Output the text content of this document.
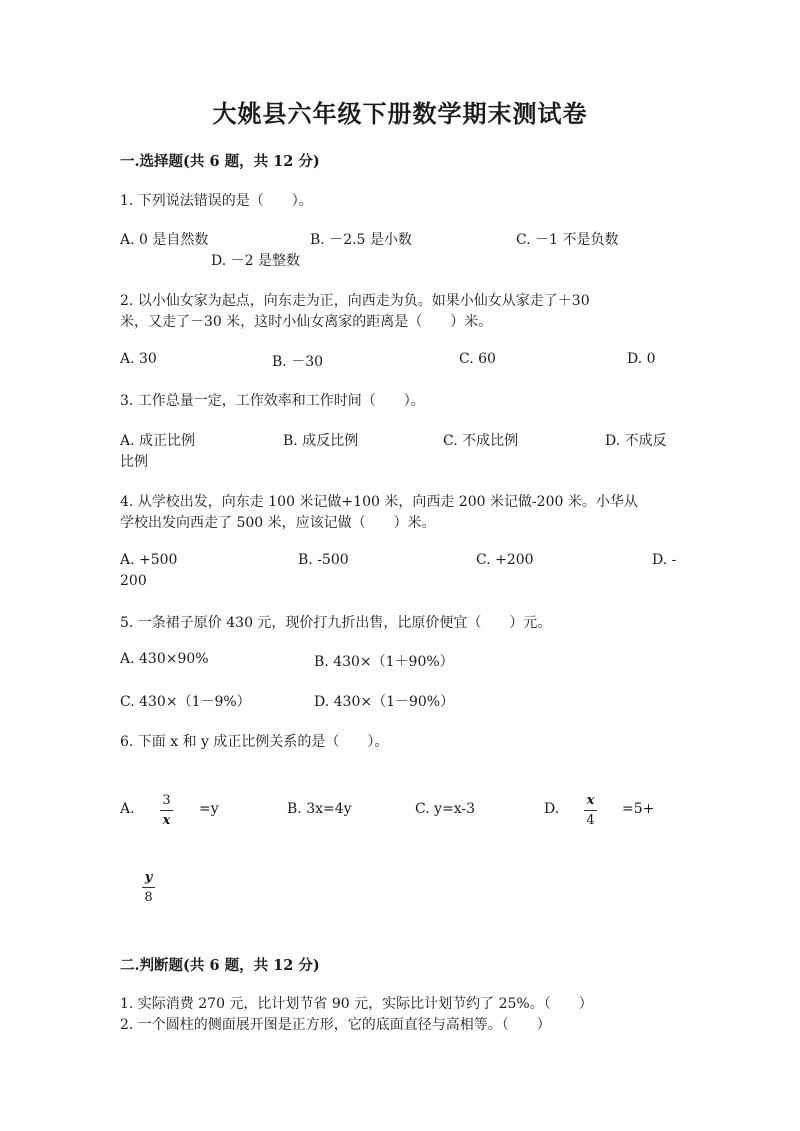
大姚县六年级下册数学期末测试卷
一.选择题(共 6 题，共 12 分)
1. 下列说法错误的是（　　）。
A. 0 是自然数	B. －2.5 是小数	C. －1 不是负数
D. －2 是整数
2. 以小仙女家为起点，向东走为正，向西走为负。如果小仙女从家走了＋30
米，又走了－30 米，这时小仙女离家的距离是（　　）米。
A. 30	B. －30	C. 60	D. 0
3. 工作总量一定，工作效率和工作时间（　　）。
A. 成正比例	B. 成反比例	C. 不成比例	D. 不成反
比例
4. 从学校出发，向东走 100 米记做+100 米，向西走 200 米记做-200 米。小华从
学校出发向西走了 500 米，应该记做（　　）米。
A. +500	B. -500	C. +200	D. -
200
5. 一条裙子原价 430 元，现价打九折出售，比原价便宜（　　）元。
A. 430×90%	B. 430×（1＋90%）
C. 430×（1－9%）	D. 430×（1－90%）
6. 下面 x 和 y 成正比例关系的是（　　）。
A.
3
x
=y	B. 3x=4y	C. y=x-3	D.
x
4
=5+
y
8
二.判断题(共 6 题，共 12 分)
1. 实际消费 270 元，比计划节省 90 元，实际比计划节约了 25%。（　　）
2. 一个圆柱的侧面展开图是正方形，它的底面直径与高相等。（　　）
